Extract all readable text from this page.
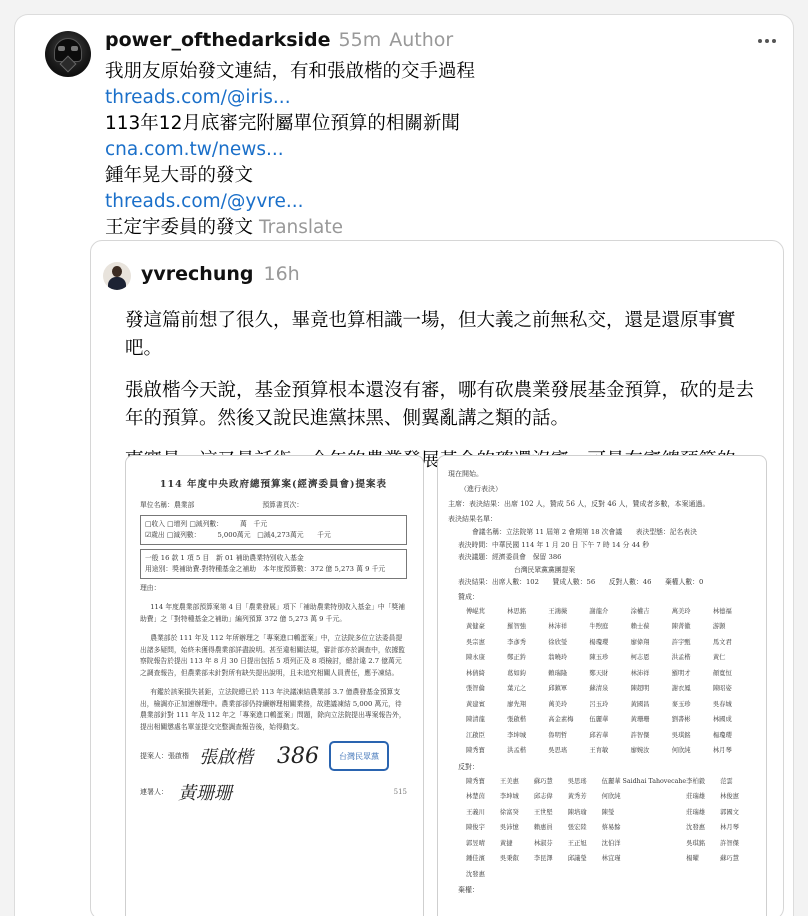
power_ofthedarkside 55m Author
我朋友原始發文連結，有和張啟楷的交手過程
threads.com/@iris...
113年12月底審完附屬單位預算的相關新聞
cna.com.tw/news...
鍾年晃大哥的發文
threads.com/@yvre...
王定宇委員的發文 Translate
yvrechung 16h

發這篇前想了很久，畢竟也算相識一場，但大義之前無私交，還是還原事實吧。

張啟楷今天說，基金預算根本還沒有審，哪有砍農業發展基金預算，砍的是去年的預算。然後又說民進黨抹黑、側翼亂講之類的話。

114 年度中央政府總預算案(經濟委員會)提案表
單位名稱：農業部　　　　　　　　　　預算書頁次：
□收入 □增列 □減列數：　　　萬　千元
☑歲出 □減列數：　　　5,000萬元　□減4,273萬元　　千元
一般 16 款 1 項 5 目　新 01 補助農業特別收入基金
用途別：獎補助費-對特種基金之補助　本年度預算數：372 億 5,273 萬 9 千元
理由：
114 年度農業部預算案第 4 目「農業發展」項下「補助農業特別收入基金」中「獎補助費」之「對特種基金之補助」編列預算 372 億 5,273 萬 9 千元。
農業部於 111 年及 112 年所辦理之「專案進口鵪蛋案」中，立法院多位立法委員提出諸多疑問，始終未獲得農業部詳盡說明。甚至違相關法規，審計部亦於調查中，依據監察院報告於提出 113 年 8 月 30 日提出包括 5 項列正及 8 項檢討，總計違 2.7 億萬元之調查報告，但農業部未針對所有缺失提出說明，且未追究相關人員責任，應予凍結。
有鑑於該案損失甚鉅，立法院總已於 113 年決議凍結農業部 3.7 億農發基金預算支出，檢調亦正加速辦理中。農業部卻仍持續辦理相關業務，故建議凍結 5,000 萬元，待農業部針對 111 年及 112 年之「專案進口鵪蛋案」問題，除向立法院提出專案報告外，提出相關懲處名單並提交完整調查報告後，始得動支。
提案人：張啟楷 張啟楷 386	台灣民眾黨
連署人： 黃珊珊	515
現在開始。
（進行表決）
主席：表決結果：出席 102 人，贊成 56 人，反對 46 人，贊成者多數，本案通過。
表決結果名單：
會議名稱：立法院第 11 屆第 2 會期第 18 次會議　　表決型態：記名表決
表決時間：中華民國 114 年 1 月 20 日 下午 7 時 14 分 44 秒
表決議題：經濟委員會　保留 386
台灣民眾黨黨團提案
表決結果：出席人數：102　　贊成人數：56　　反對人數：46　　棄權人數：0
贊成：
傅崐萁	林思銘	王鴻薇	謝龍介	涂權吉	萬美玲	林德福
黃健豪	羅智強	林沛祥	牛煦庭	賴士葆	陳菁徽	游顥
吳宗憲	李彥秀	徐欣瑩	楊瓊瓔	廖偉翔	許宇甄	馬文君
陳永康	鄭正鈐	翁曉玲	陳玉珍	柯志恩	洪孟楷	黃仁
林倩綺	葛如鈞	賴瑞隆	鄭天財	林沛祥	羅明才	顏寬恒
張智倫	葉元之	邱鎮軍	蘇清泉	陳超明	謝衣鳳	陳昭姿
黃建賓	廖先翔	萬美玲	呂玉玲	黃國昌	麥玉珍	吳春城
陳清龍	張啟楷	高金素梅	伍麗華	黃珊珊	劉書彬	林國成
江啟臣	李坤城	魯明哲	邱若華	許智傑	吳琪銘	楊瓊瓔
陳秀寶	洪孟楷	吳思瑤	王育敏	廖婉汝	何欣純	林月琴
反對：
陳秀寶	王美惠	蘇巧慧	吳思瑤	伍麗華 Saidhai Tahovecahe 李柏毅	范雲
林楚茵	李坤城	邱志偉	黃秀芳	何欣純	莊瑞雄	林俊憲
王義川	徐富癸	王世堅	陳培瑜	陳瑩	莊瑞雄	郭國文
陳俊宇	吳沛憶	賴惠員	張宏陸	蔡易餘	沈發惠	林月琴
郭昱晴	黃捷	林淑芬	王正旭	沈伯洋	吳琪銘	許智傑
鍾佳濱	吳秉叡	李昆澤	邱議瑩	林宜瑾	楊曜	蘇巧慧
沈發惠
棄權：
